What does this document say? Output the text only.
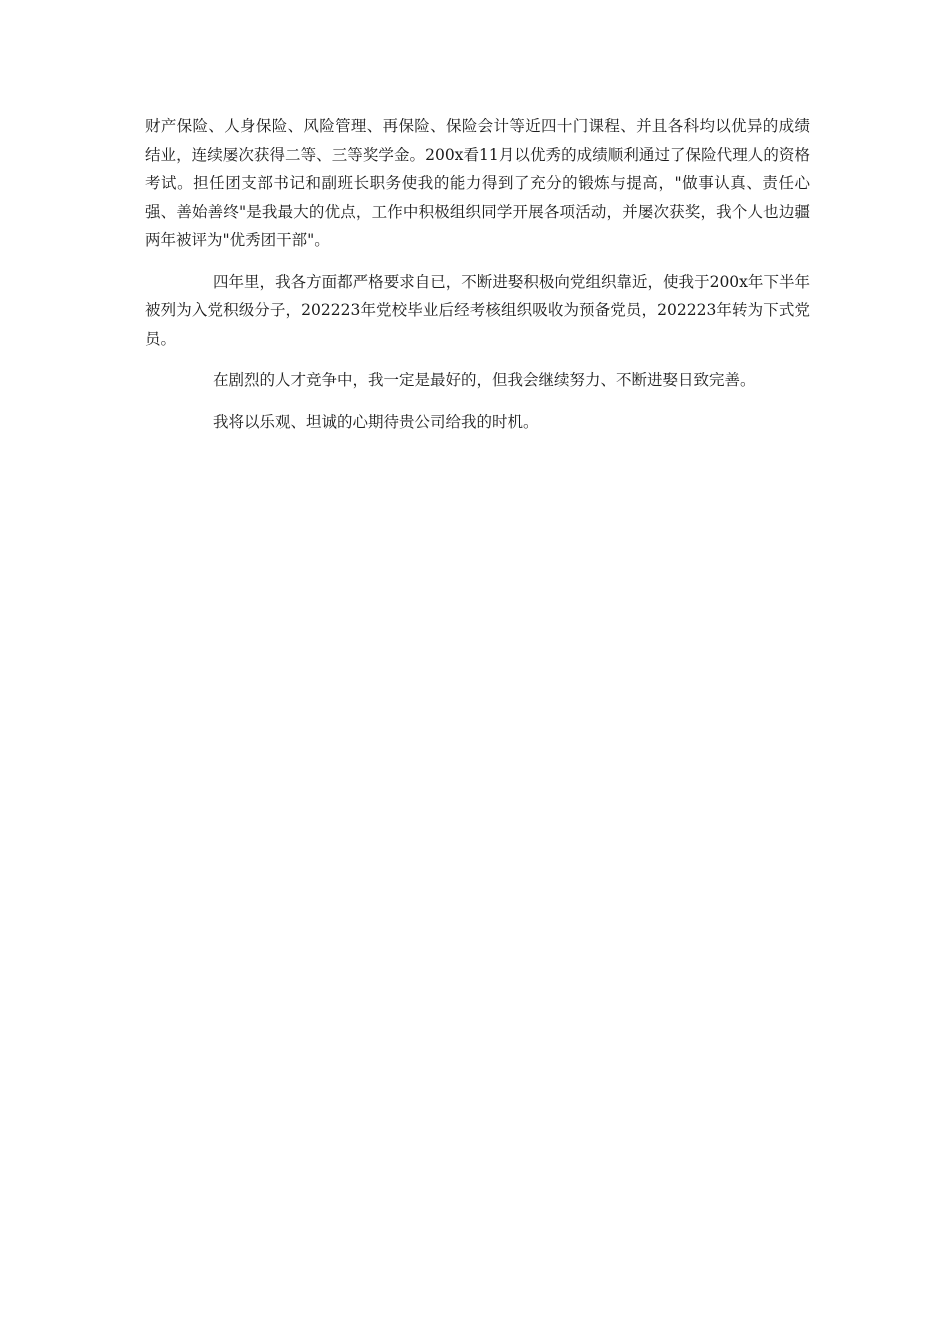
财产保险、人身保险、风险管理、再保险、保险会计等近四十门课程、并且各科均以优异的成绩结业，连续屡次获得二等、三等奖学金。200x看11月以优秀的成绩顺利通过了保险代理人的资格考试。担任团支部书记和副班长职务使我的能力得到了充分的锻炼与提高，"做事认真、责任心强、善始善终"是我最大的优点，工作中积极组织同学开展各项活动，并屡次获奖，我个人也边疆两年被评为"优秀团干部"。

四年里，我各方面都严格要求自已，不断进娶积极向党组织靠近，使我于200x年下半年被列为入党积级分子，202223年党校毕业后经考核组织吸收为预备党员，202223年转为下式党员。

在剧烈的人才竞争中，我一定是最好的，但我会继续努力、不断进娶日致完善。

我将以乐观、坦诚的心期待贵公司给我的时机。
